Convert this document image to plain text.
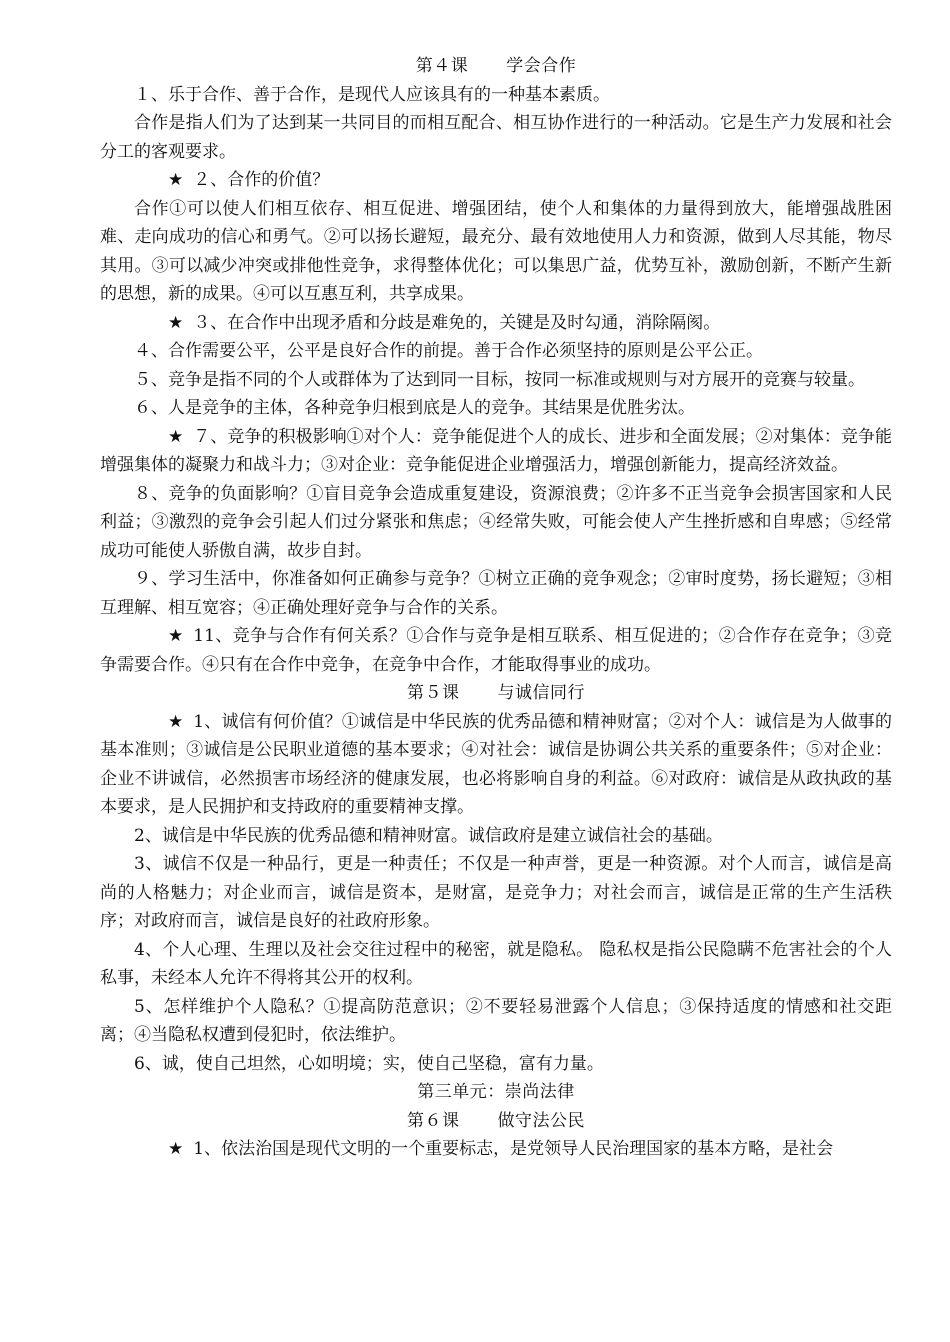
第４课 学会合作

１、乐于合作、善于合作，是现代人应该具有的一种基本素质。

合作是指人们为了达到某一共同目的而相互配合、相互协作进行的一种活动。它是生产力发展和社会分工的客观要求。

★ ２、合作的价值？

合作①可以使人们相互依存、相互促进、增强团结，使个人和集体的力量得到放大，能增强战胜困难、走向成功的信心和勇气。②可以扬长避短，最充分、最有效地使用人力和资源，做到人尽其能，物尽其用。③可以减少冲突或排他性竞争，求得整体优化；可以集思广益，优势互补，激励创新，不断产生新的思想，新的成果。④可以互惠互利，共享成果。

★ ３、在合作中出现矛盾和分歧是难免的，关键是及时勾通，消除隔阂。

４、合作需要公平，公平是良好合作的前提。善于合作必须坚持的原则是公平公正。

５、竞争是指不同的个人或群体为了达到同一目标，按同一标准或规则与对方展开的竞赛与较量。

６、人是竞争的主体，各种竞争归根到底是人的竞争。其结果是优胜劣汰。

★ ７、竞争的积极影响①对个人：竞争能促进个人的成长、进步和全面发展；②对集体：竞争能增强集体的凝聚力和战斗力；③对企业：竞争能促进企业增强活力，增强创新能力，提高经济效益。

８、竞争的负面影响？①盲目竞争会造成重复建设，资源浪费；②许多不正当竞争会损害国家和人民利益；③激烈的竞争会引起人们过分紧张和焦虑；④经常失败，可能会使人产生挫折感和自卑感；⑤经常成功可能使人骄傲自满，故步自封。

９、学习生活中，你准备如何正确参与竞争？①树立正确的竞争观念；②审时度势，扬长避短；③相互理解、相互宽容；④正确处理好竞争与合作的关系。

★ 11、竞争与合作有何关系？①合作与竞争是相互联系、相互促进的；②合作存在竞争；③竞争需要合作。④只有在合作中竞争，在竞争中合作，才能取得事业的成功。

第５课 与诚信同行

★ 1、诚信有何价值？①诚信是中华民族的优秀品德和精神财富；②对个人：诚信是为人做事的基本准则；③诚信是公民职业道德的基本要求；④对社会：诚信是协调公共关系的重要条件；⑤对企业：企业不讲诚信，必然损害市场经济的健康发展，也必将影响自身的利益。⑥对政府：诚信是从政执政的基本要求，是人民拥护和支持政府的重要精神支撑。

2、诚信是中华民族的优秀品德和精神财富。诚信政府是建立诚信社会的基础。

3、诚信不仅是一种品行，更是一种责任；不仅是一种声誉，更是一种资源。对个人而言，诚信是高尚的人格魅力；对企业而言，诚信是资本，是财富，是竞争力；对社会而言，诚信是正常的生产生活秩序；对政府而言，诚信是良好的社政府形象。

4、个人心理、生理以及社会交往过程中的秘密，就是隐私。 隐私权是指公民隐瞒不危害社会的个人私事，未经本人允许不得将其公开的权利。

5、怎样维护个人隐私？①提高防范意识；②不要轻易泄露个人信息；③保持适度的情感和社交距离；④当隐私权遭到侵犯时，依法维护。

6、诚，使自己坦然，心如明境；实，使自己坚稳，富有力量。

第三单元：崇尚法律
第６课 做守法公民

★ 1、依法治国是现代文明的一个重要标志，是党领导人民治理国家的基本方略，是社会
